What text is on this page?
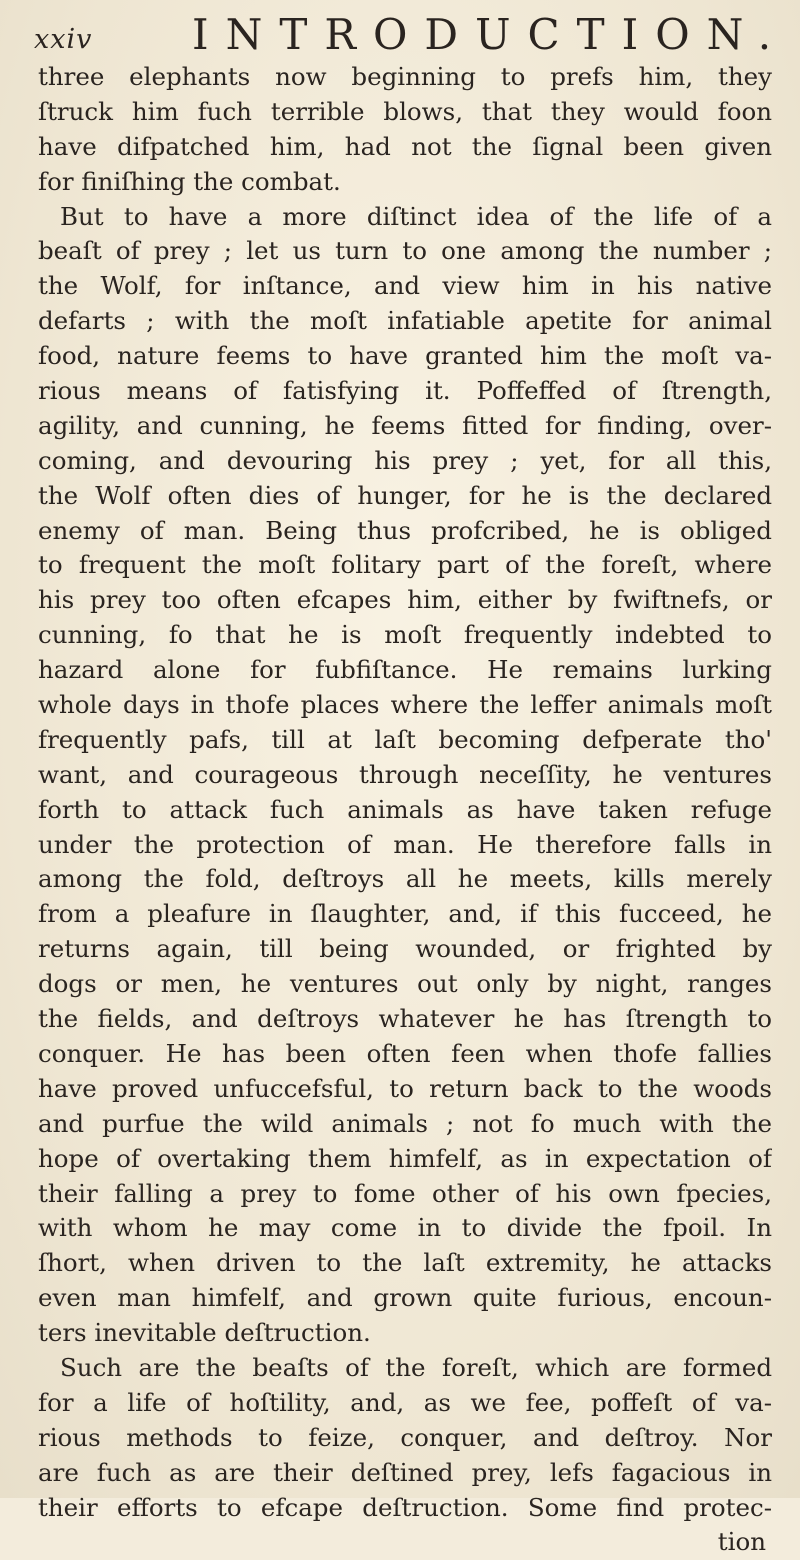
xxiv INTRODUCTION.
three elephants now beginning to prefs him, they
ſtruck him fuch terrible blows, that they would foon
have difpatched him, had not the ſignal been given
for finiſhing the combat.
But to have a more diſtinct idea of the life of a
beaſt of prey ; let us turn to one among the number ;
the Wolf, for inſtance, and view him in his native
defarts ; with the moſt infatiable apetite for animal
food, nature feems to have granted him the moſt va-
rious means of fatisfying it. Poffeffed of ſtrength,
agility, and cunning, he feems fitted for finding, over-
coming, and devouring his prey ; yet, for all this,
the Wolf often dies of hunger, for he is the declared
enemy of man. Being thus profcribed, he is obliged
to frequent the moſt folitary part of the foreſt, where
his prey too often efcapes him, either by fwiftnefs, or
cunning, fo that he is moſt frequently indebted to
hazard alone for fubfiſtance. He remains lurking
whole days in thofe places where the leffer animals moſt
frequently pafs, till at laſt becoming defperate tho'
want, and courageous through neceſſity, he ventures
forth to attack fuch animals as have taken refuge
under the protection of man. He therefore falls in
among the fold, deſtroys all he meets, kills merely
from a pleafure in ſlaughter, and, if this fucceed, he
returns again, till being wounded, or frighted by
dogs or men, he ventures out only by night, ranges
the fields, and deſtroys whatever he has ſtrength to
conquer. He has been often feen when thofe fallies
have proved unfuccefsful, to return back to the woods
and purfue the wild animals ; not fo much with the
hope of overtaking them himfelf, as in expectation of
their falling a prey to fome other of his own fpecies,
with whom he may come in to divide the fpoil. In
ſhort, when driven to the laſt extremity, he attacks
even man himfelf, and grown quite furious, encoun-
ters inevitable deſtruction.
Such are the beaſts of the foreſt, which are formed
for a life of hoſtility, and, as we fee, poffeſt of va-
rious methods to feize, conquer, and deſtroy. Nor
are fuch as are their deſtined prey, lefs fagacious in
their efforts to efcape deſtruction. Some find protec-
tion
